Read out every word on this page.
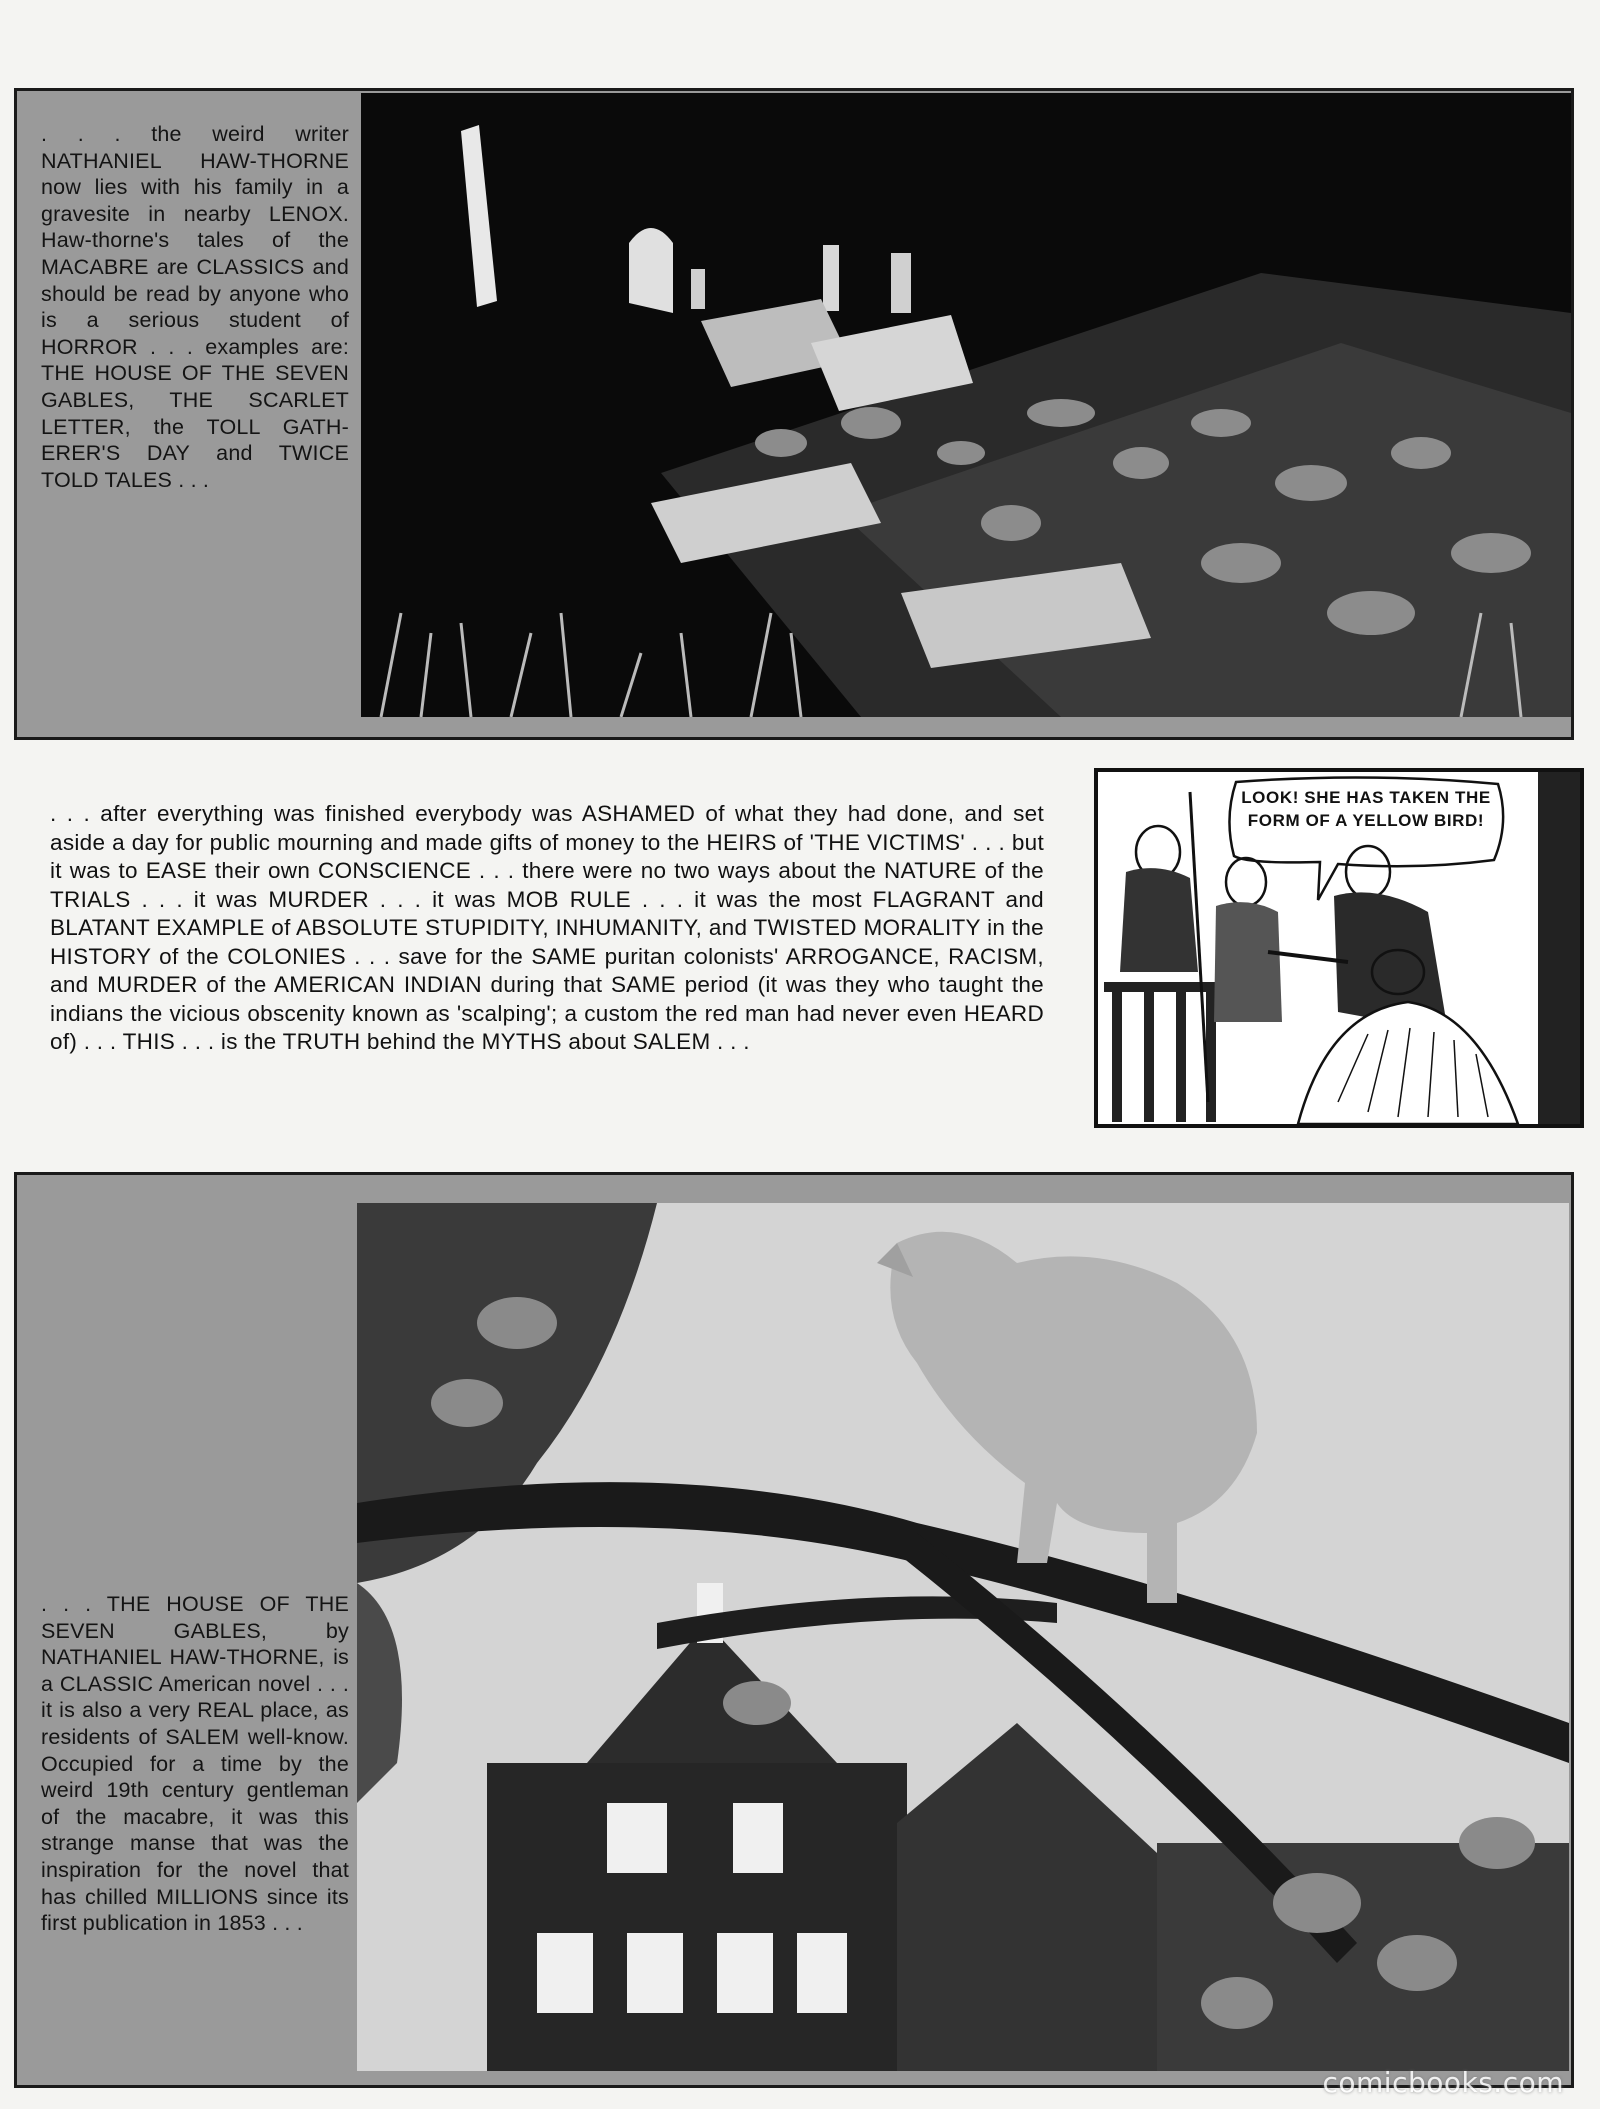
. . . the weird writer NATHANIEL HAW-THORNE now lies with his family in a gravesite in nearby LENOX. Haw-thorne's tales of the MACABRE are CLASSICS and should be read by anyone who is a serious student of HORROR . . . examples are: THE HOUSE OF THE SEVEN GABLES, THE SCARLET LETTER, the TOLL GATH-ERER'S DAY and TWICE TOLD TALES . . .
. . . after everything was finished everybody was ASHAMED of what they had done, and set aside a day for public mourning and made gifts of money to the HEIRS of 'THE VICTIMS' . . . but it was to EASE their own CONSCIENCE . . . there were no two ways about the NATURE of the TRIALS . . . it was MURDER . . . it was MOB RULE . . . it was the most FLAGRANT and BLATANT EXAMPLE of ABSOLUTE STUPIDITY, INHUMANITY, and TWISTED MORALITY in the HISTORY of the COLONIES . . . save for the SAME puritan colonists' ARROGANCE, RACISM, and MURDER of the AMERICAN INDIAN during that SAME period (it was they who taught the indians the vicious obscenity known as 'scalping'; a custom the red man had never even HEARD of) . . . THIS . . . is the TRUTH behind the MYTHS about SALEM . . .
LOOK! SHE HAS TAKEN THE FORM OF A YELLOW BIRD!
. . . THE HOUSE OF THE SEVEN GABLES, by NATHANIEL HAW-THORNE, is a CLASSIC American novel . . . it is also a very REAL place, as residents of SALEM well-know. Occupied for a time by the weird 19th century gentleman of the macabre, it was this strange manse that was the inspiration for the novel that has chilled MILLIONS since its first publication in 1853 . . .
comicbooks.com
